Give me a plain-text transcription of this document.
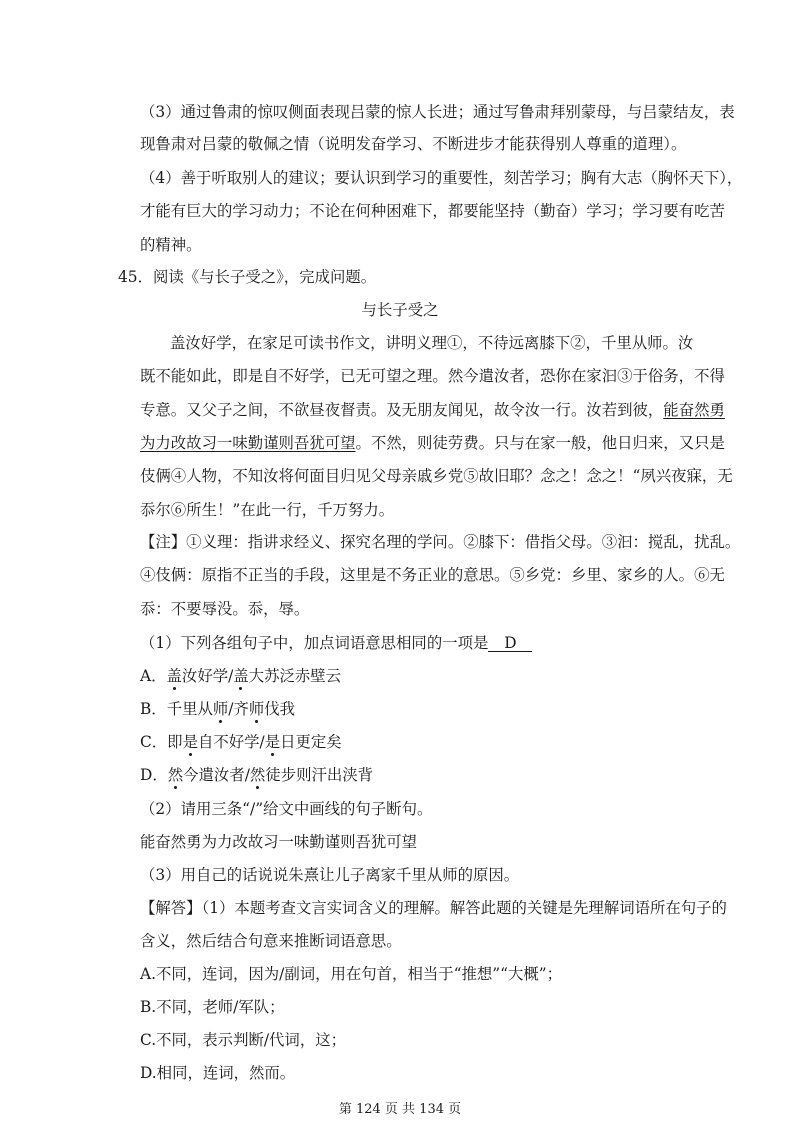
（3）通过鲁肃的惊叹侧面表现吕蒙的惊人长进；通过写鲁肃拜别蒙母，与吕蒙结友，表
现鲁肃对吕蒙的敬佩之情（说明发奋学习、不断进步才能获得别人尊重的道理）。
（4）善于听取别人的建议；要认识到学习的重要性，刻苦学习；胸有大志（胸怀天下），
才能有巨大的学习动力；不论在何种困难下，都要能坚持（勤奋）学习；学习要有吃苦
的精神。
45．阅读《与长子受之》，完成问题。
与长子受之
盖汝好学，在家足可读书作文，讲明义理①，不待远离膝下②，千里从师。汝
既不能如此，即是自不好学，已无可望之理。然今遣汝者，恐你在家汩③于俗务，不得
专意。又父子之间，不欲昼夜督责。及无朋友闻见，故令汝一行。汝若到彼，能奋然勇
为力改故习一味勤谨则吾犹可望。不然，则徒劳费。只与在家一般，他日归来，又只是
伎俩④人物，不知汝将何面目归见父母亲戚乡党⑤故旧耶？念之！念之！“夙兴夜寐，无
忝尔⑥所生！”在此一行，千万努力。
【注】①义理：指讲求经义、探究名理的学问。②膝下：借指父母。③汩：搅乱，扰乱。
④伎俩：原指不正当的手段，这里是不务正业的意思。⑤乡党：乡里、家乡的人。⑥无
忝：不要辱没。忝，辱。
（1）下列各组句子中，加点词语意思相同的一项是 D
A．盖汝好学/盖大苏泛赤壁云
B．千里从师/齐师伐我
C．即是自不好学/是日更定矣
D．然今遣汝者/然徒步则汗出浃背
（2）请用三条“/”给文中画线的句子断句。
能奋然勇为力改故习一味勤谨则吾犹可望
（3）用自己的话说说朱熹让儿子离家千里从师的原因。
【解答】（1）本题考查文言实词含义的理解。解答此题的关键是先理解词语所在句子的
含义，然后结合句意来推断词语意思。
A.不同，连词，因为/副词，用在句首，相当于“推想”“大概”；
B.不同，老师/军队；
C.不同，表示判断/代词，这；
D.相同，连词，然而。
第 124 页 共 134 页
